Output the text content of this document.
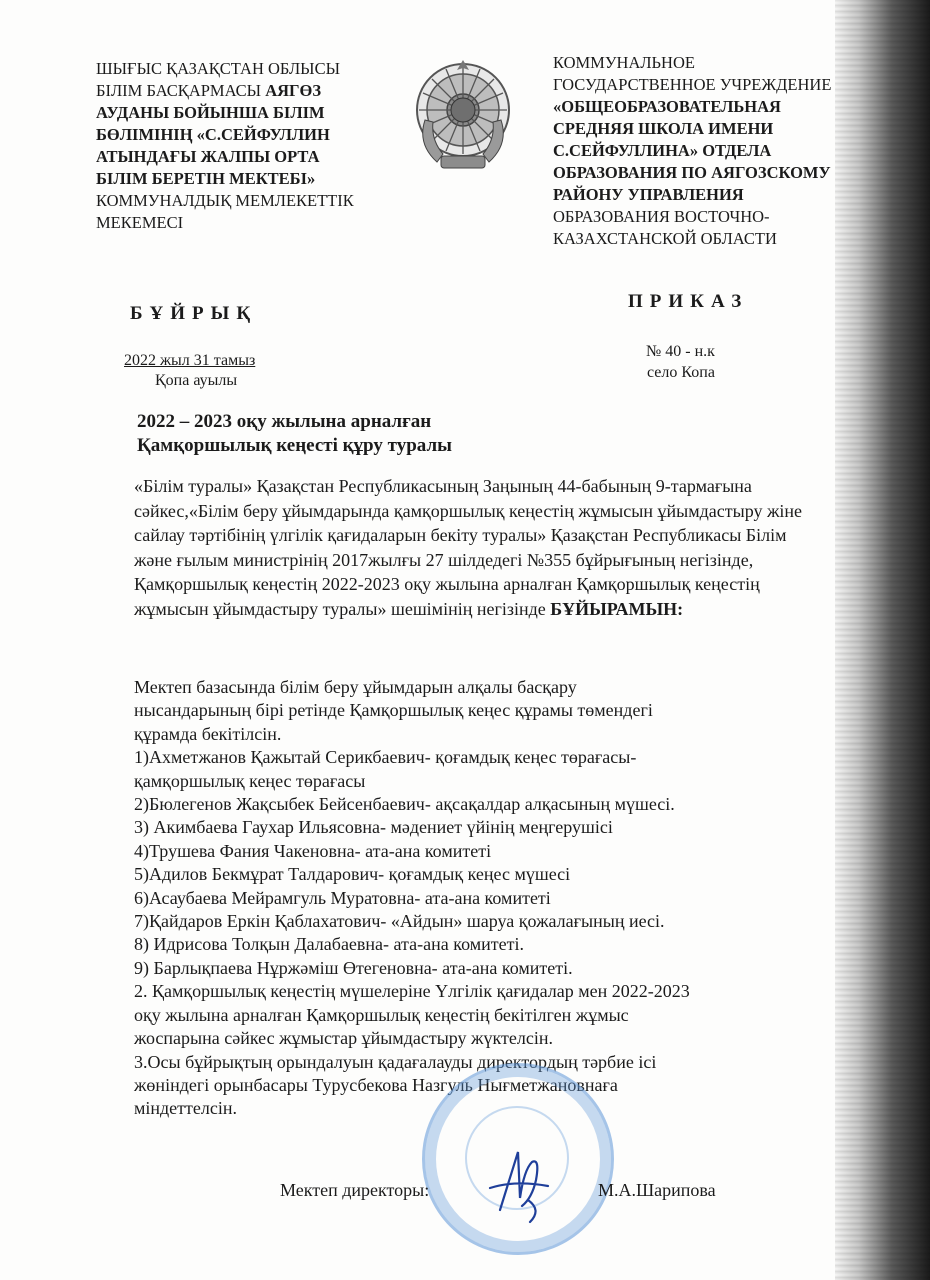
ШЫҒЫС ҚАЗАҚСТАН ОБЛЫСЫ
БІЛІМ БАСҚАРМАСЫ АЯГӨЗ
АУДАНЫ БОЙЫНША БІЛІМ
БӨЛІМІНІҢ «С.СЕЙФУЛЛИН
АТЫНДАҒЫ ЖАЛПЫ ОРТА
БІЛІМ БЕРЕТІН МЕКТЕБІ»
КОММУНАЛДЫҚ МЕМЛЕКЕТТІК
МЕКЕМЕСІ
КОММУНАЛЬНОЕ
ГОСУДАРСТВЕННОЕ УЧРЕЖДЕНИЕ
«ОБЩЕОБРАЗОВАТЕЛЬНАЯ
СРЕДНЯЯ ШКОЛА ИМЕНИ
С.СЕЙФУЛЛИНА» ОТДЕЛА
ОБРАЗОВАНИЯ ПО АЯГОЗСКОМУ
РАЙОНУ УПРАВЛЕНИЯ
ОБРАЗОВАНИЯ ВОСТОЧНО-
КАЗАХСТАНСКОЙ ОБЛАСТИ
БҰЙРЫҚ
ПРИКАЗ
2022 жыл 31 тамыз
Қопа ауылы
№ 40 - н.к
село Копа
2022 – 2023 оқу жылына арналған
Қамқоршылық кеңесті құру туралы
«Білім туралы» Қазақстан Республикасының Заңының 44-бабының 9-тармағына сәйкес,«Білім беру ұйымдарында қамқоршылық кеңестің жұмысын ұйымдастыру жіне сайлау тәртібінің үлгілік қағидаларын бекіту туралы» Қазақстан Республикасы Білім және ғылым министрінің 2017жылғы 27 шілдедегі №355 бұйрығының негізінде, Қамқоршылық кеңестің 2022-2023 оқу жылына арналған Қамқоршылық кеңестің жұмысын ұйымдастыру туралы» шешімінің негізінде БҰЙЫРАМЫН:
Мектеп базасында білім беру ұйымдарын алқалы басқару
нысандарының бірі ретінде Қамқоршылық кеңес құрамы төмендегі
құрамда бекітілсін.
1)Ахметжанов Қажытай Серикбаевич- қоғамдық кеңес төрағасы-
қамқоршылық кеңес төрағасы
2)Бюлегенов Жақсыбек Бейсенбаевич- ақсақалдар алқасының мүшесі.
3) Акимбаева Гаухар Ильясовна- мәдениет үйінің меңгерушісі
4)Трушева Фания Чакеновна- ата-ана комитеті
5)Адилов Бекмұрат Талдарович- қоғамдық кеңес мүшесі
6)Асаубаева Мейрамгуль Муратовна- ата-ана комитеті
7)Қайдаров Еркін Қаблахатович- «Айдын» шаруа қожалағының иесі.
8) Идрисова Толқын Далабаевна- ата-ана комитеті.
9) Барлықпаева Нұржәміш Өтегеновна- ата-ана комитеті.
2. Қамқоршылық кеңестің мүшелеріне Үлгілік қағидалар мен 2022-2023
оқу жылына арналған Қамқоршылық кеңестің бекітілген жұмыс
жоспарына сәйкес жұмыстар ұйымдастыру жүктелсін.
3.Осы бұйрықтың орындалуын қадағалауды директордың тәрбие ісі
жөніндегі орынбасары Турусбекова Назгуль Нығметжановнаға
міндеттелсін.
Мектеп директоры:	М.А.Шарипова
